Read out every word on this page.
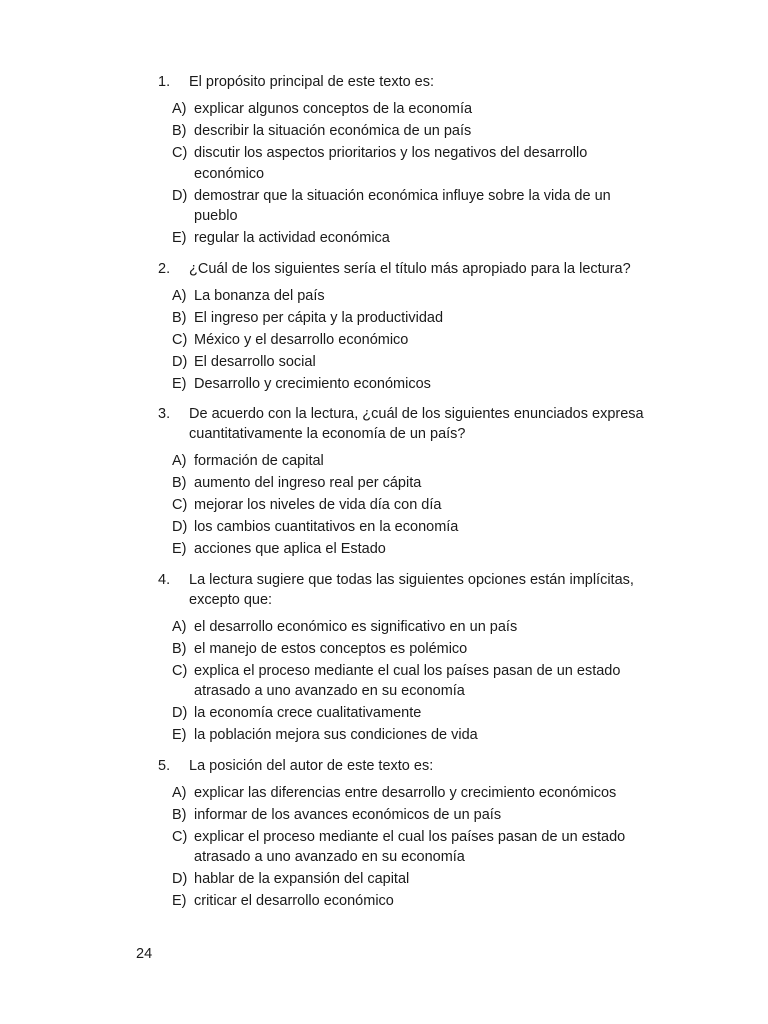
1.	El propósito principal de este texto es:
A) explicar algunos conceptos de la economía
B) describir la situación económica de un país
C) discutir los aspectos prioritarios y los negativos del desarrollo económico
D) demostrar que la situación económica influye sobre la vida de un pueblo
E) regular la actividad económica
2.	¿Cuál de los siguientes sería el título más apropiado para la lectura?
A) La bonanza del país
B) El ingreso per cápita y la productividad
C) México y el desarrollo económico
D) El desarrollo social
E) Desarrollo y crecimiento económicos
3.	De acuerdo con la lectura, ¿cuál de los siguientes enunciados expresa cuantitativamente la economía de un país?
A) formación de capital
B) aumento del ingreso real per cápita
C) mejorar los niveles de vida día con día
D) los cambios cuantitativos en la economía
E) acciones que aplica el Estado
4.	La lectura sugiere que todas las siguientes opciones están implícitas, excepto que:
A) el desarrollo económico es significativo en un país
B) el manejo de estos conceptos es polémico
C) explica el proceso mediante el cual los países pasan de un estado atrasado a uno avanzado en su economía
D) la economía crece cualitativamente
E) la población mejora sus condiciones de vida
5.	La posición del autor de este texto es:
A) explicar las diferencias entre desarrollo y crecimiento económicos
B) informar de los avances económicos de un país
C) explicar el proceso mediante el cual los países pasan de un estado atrasado a uno avanzado en su economía
D) hablar de la expansión del capital
E) criticar el desarrollo económico
24
